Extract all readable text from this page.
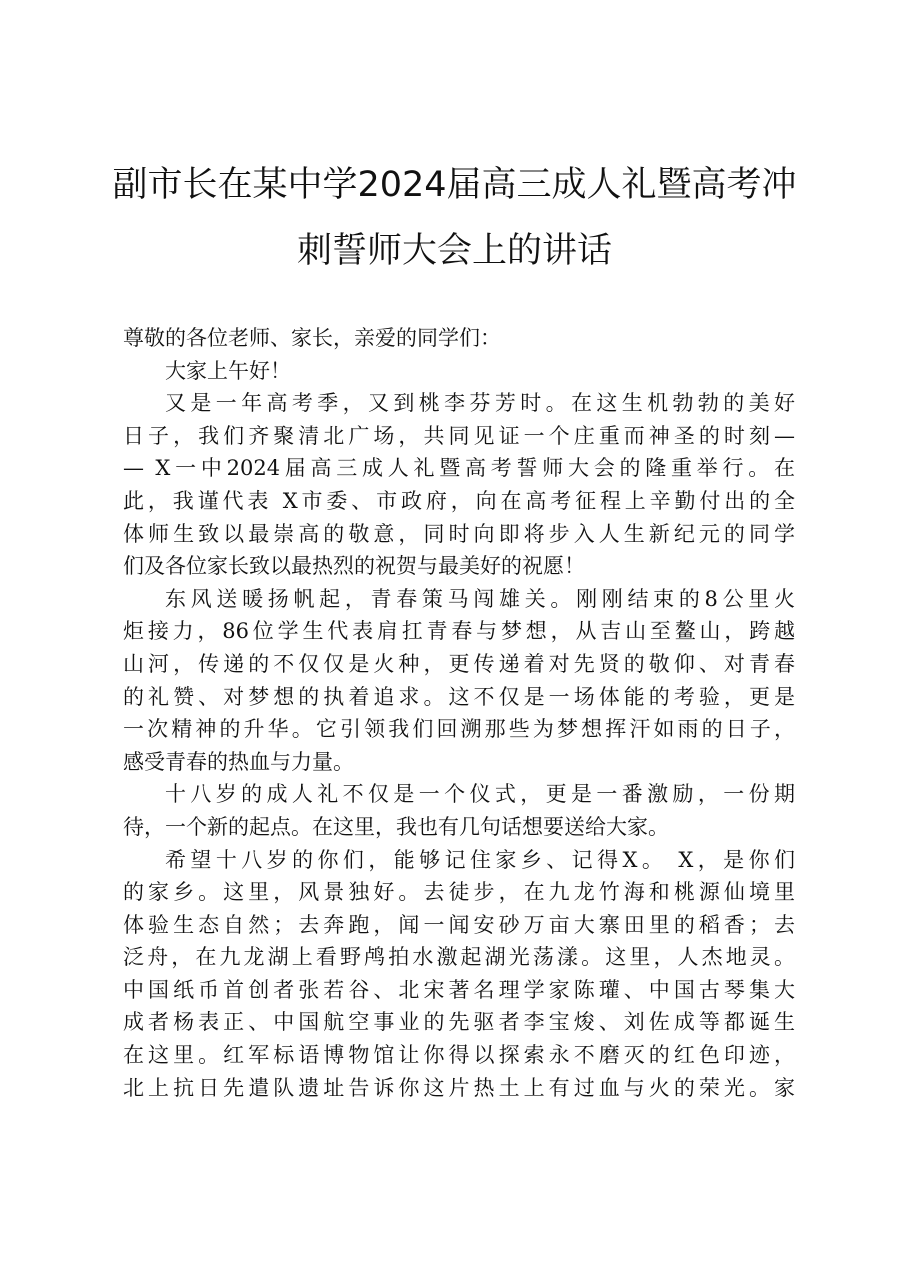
副市长在某中学2024届高三成人礼暨高考冲
刺誓师大会上的讲话
尊敬的各位老师、家长，亲爱的同学们：
大家上午好！
又是一年高考季，又到桃李芬芳时。在这生机勃勃的美好
日子，我们齐聚清北广场，共同见证一个庄重而神圣的时刻—
— X一中2024届高三成人礼暨高考誓师大会的隆重举行。在
此，我谨代表 X市委、市政府，向在高考征程上辛勤付出的全
体师生致以最崇高的敬意，同时向即将步入人生新纪元的同学
们及各位家长致以最热烈的祝贺与最美好的祝愿！
东风送暖扬帆起，青春策马闯雄关。刚刚结束的8公里火
炬接力，86位学生代表肩扛青春与梦想，从吉山至鳌山，跨越
山河，传递的不仅仅是火种，更传递着对先贤的敬仰、对青春
的礼赞、对梦想的执着追求。这不仅是一场体能的考验，更是
一次精神的升华。它引领我们回溯那些为梦想挥汗如雨的日子，
感受青春的热血与力量。
十八岁的成人礼不仅是一个仪式，更是一番激励，一份期
待，一个新的起点。在这里，我也有几句话想要送给大家。
希望十八岁的你们，能够记住家乡、记得X。 X，是你们
的家乡。这里，风景独好。去徒步，在九龙竹海和桃源仙境里
体验生态自然；去奔跑，闻一闻安砂万亩大寨田里的稻香；去
泛舟，在九龙湖上看野鸬拍水激起湖光荡漾。这里，人杰地灵。
中国纸币首创者张若谷、北宋著名理学家陈瓘、中国古琴集大
成者杨表正、中国航空事业的先驱者李宝焌、刘佐成等都诞生
在这里。红军标语博物馆让你得以探索永不磨灭的红色印迹，
北上抗日先遣队遗址告诉你这片热土上有过血与火的荣光。家
